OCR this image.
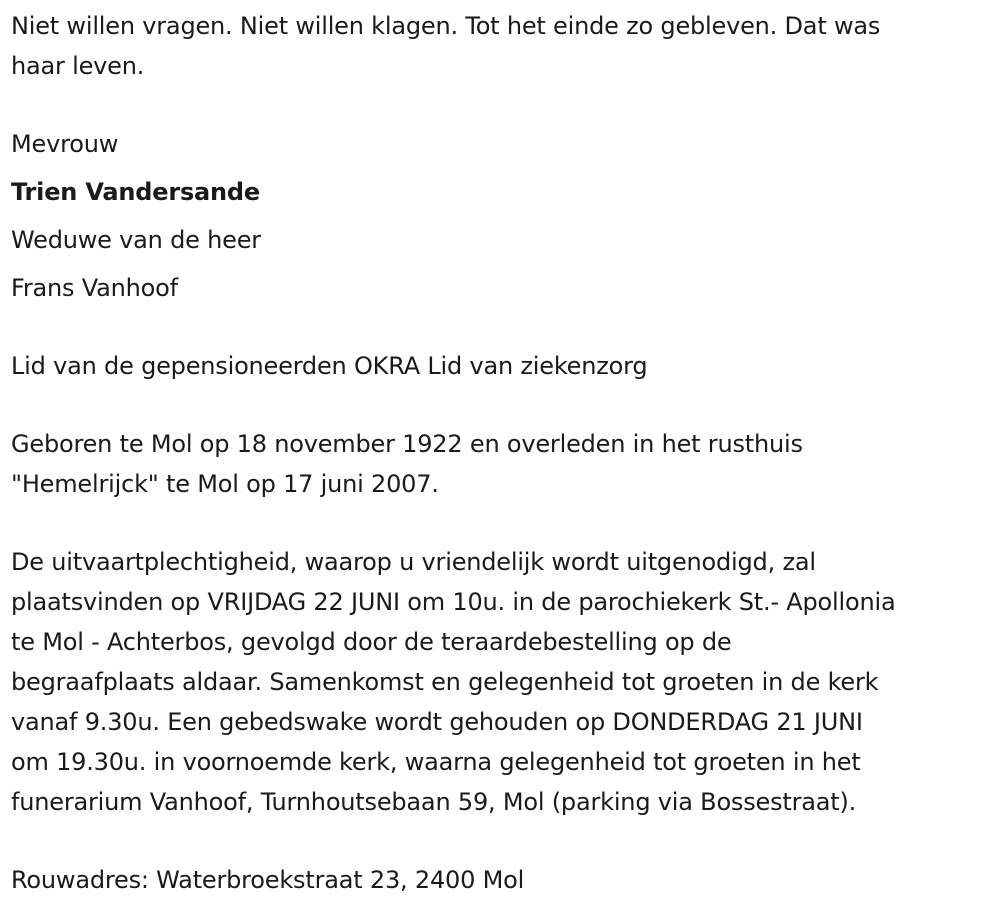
Niet willen vragen. Niet willen klagen. Tot het einde zo gebleven. Dat was
haar leven.
Mevrouw
Trien Vandersande
Weduwe van de heer
Frans Vanhoof
Lid van de gepensioneerden OKRA Lid van ziekenzorg
Geboren te Mol op 18 november 1922 en overleden in het rusthuis
"Hemelrijck" te Mol op 17 juni 2007.
De uitvaartplechtigheid, waarop u vriendelijk wordt uitgenodigd, zal
plaatsvinden op VRIJDAG 22 JUNI om 10u. in de parochiekerk St.- Apollonia
te Mol - Achterbos, gevolgd door de teraardebestelling op de
begraafplaats aldaar. Samenkomst en gelegenheid tot groeten in de kerk
vanaf 9.30u. Een gebedswake wordt gehouden op DONDERDAG 21 JUNI
om 19.30u. in voornoemde kerk, waarna gelegenheid tot groeten in het
funerarium Vanhoof, Turnhoutsebaan 59, Mol (parking via Bossestraat).
Rouwadres: Waterbroekstraat 23, 2400 Mol
